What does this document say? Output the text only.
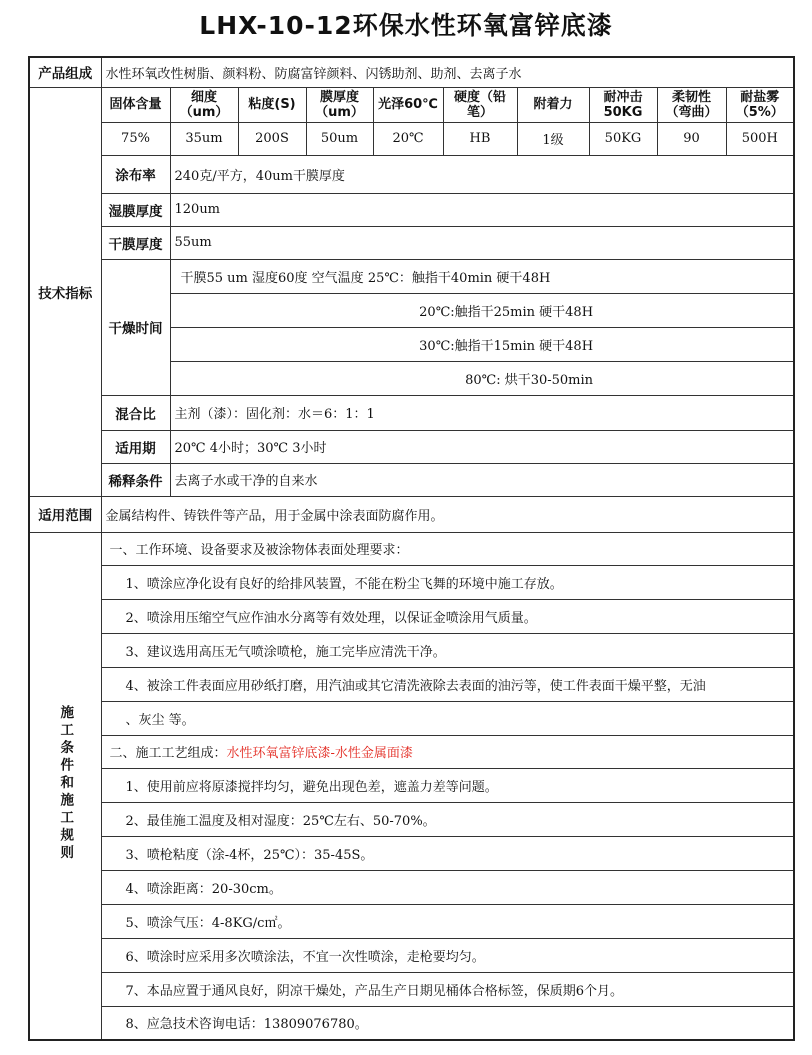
LHX-10-12环保水性环氧富锌底漆
产品组成	水性环氧改性树脂、颜料粉、防腐富锌颜料、闪锈助剂、助剂、去离子水									
技术指标	固体含量	细度（um）	粘度(S)	膜厚度（um）	光泽60℃	硬度（铅笔）	附着力	耐冲击50KG	柔韧性（弯曲）	耐盐雾（5%）
	75%	35um	200S	50um	20℃	HB	1级	50KG	90	500H
	涂布率	240克/平方，40um干膜厚度								
	湿膜厚度	120um								
	干膜厚度	55um								
	干燥时间	干膜55 um 湿度60度 空气温度 25℃：触指干40min 硬干48H								
		20℃:触指干25min 硬干48H								
		30℃:触指干15min 硬干48H								
		80℃: 烘干30-50min								
	混合比	主剂（漆）：固化剂：水＝6：1：1								
	适用期	20℃ 4小时；30℃ 3小时								
	稀释条件	去离子水或干净的自来水								
适用范围	金属结构件、铸铁件等产品，用于金属中涂表面防腐作用。									
施工条件和施工规则	一、工作环境、设备要求及被涂物体表面处理要求：									
	1、喷涂应净化设有良好的给排风装置，不能在粉尘飞舞的环境中施工存放。									
	2、喷涂用压缩空气应作油水分离等有效处理，以保证金喷涂用气质量。									
	3、建议选用高压无气喷涂喷枪，施工完毕应清洗干净。									
	4、被涂工件表面应用砂纸打磨，用汽油或其它清洗液除去表面的油污等，使工件表面干燥平整，无油									
	、灰尘 等。									
	二、施工工艺组成：水性环氧富锌底漆-水性金属面漆									
	1、使用前应将原漆搅拌均匀，避免出现色差，遮盖力差等问题。									
	2、最佳施工温度及相对湿度：25℃左右、50-70%。									
	3、喷枪粘度（涂-4杯，25℃）：35-45S。									
	4、喷涂距离：20-30cm。									
	5、喷涂气压：4-8KG/c㎡。									
	6、喷涂时应采用多次喷涂法，不宜一次性喷涂，走枪要均匀。									
	7、本品应置于通风良好，阴凉干燥处，产品生产日期见桶体合格标签，保质期6个月。									
	8、应急技术咨询电话：13809076780。									
